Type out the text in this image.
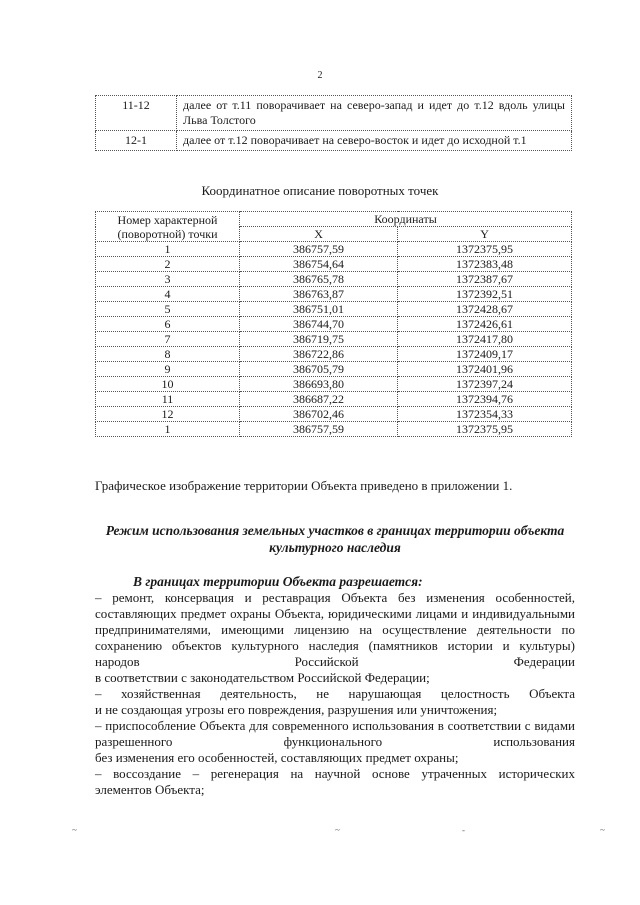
2
11-12	далее от т.11 поворачивает на северо-запад и идет до т.12 вдоль улицы Льва Толстого
12-1	далее от т.12 поворачивает на северо-восток и идет до исходной т.1
Координатное описание поворотных точек
Номер характерной (поворотной) точки	Координаты	
	X	Y
1	386757,59	1372375,95
2	386754,64	1372383,48
3	386765,78	1372387,67
4	386763,87	1372392,51
5	386751,01	1372428,67
6	386744,70	1372426,61
7	386719,75	1372417,80
8	386722,86	1372409,17
9	386705,79	1372401,96
10	386693,80	1372397,24
11	386687,22	1372394,76
12	386702,46	1372354,33
1	386757,59	1372375,95
Графическое изображение территории Объекта приведено в приложении 1.
Режим использования земельных участков в границах территории объекта культурного наследия
В границах территории Объекта разрешается:
– ремонт, консервация и реставрация Объекта без изменения особенностей, составляющих предмет охраны Объекта, юридическими лицами и индивидуальными предпринимателями, имеющими лицензию на осуществление деятельности по сохранению объектов культурного наследия (памятников истории и культуры) народов Российской Федерации
в соответствии с законодательством Российской Федерации;
– хозяйственная деятельность, не нарушающая целостность Объекта
и не создающая угрозы его повреждения, разрушения или уничтожения;
– приспособление Объекта для современного использования в соответствии с видами разрешенного функционального использования
без изменения его особенностей, составляющих предмет охраны;
– воссоздание – регенерация на научной основе утраченных исторических
элементов Объекта;
~	~	-	~
